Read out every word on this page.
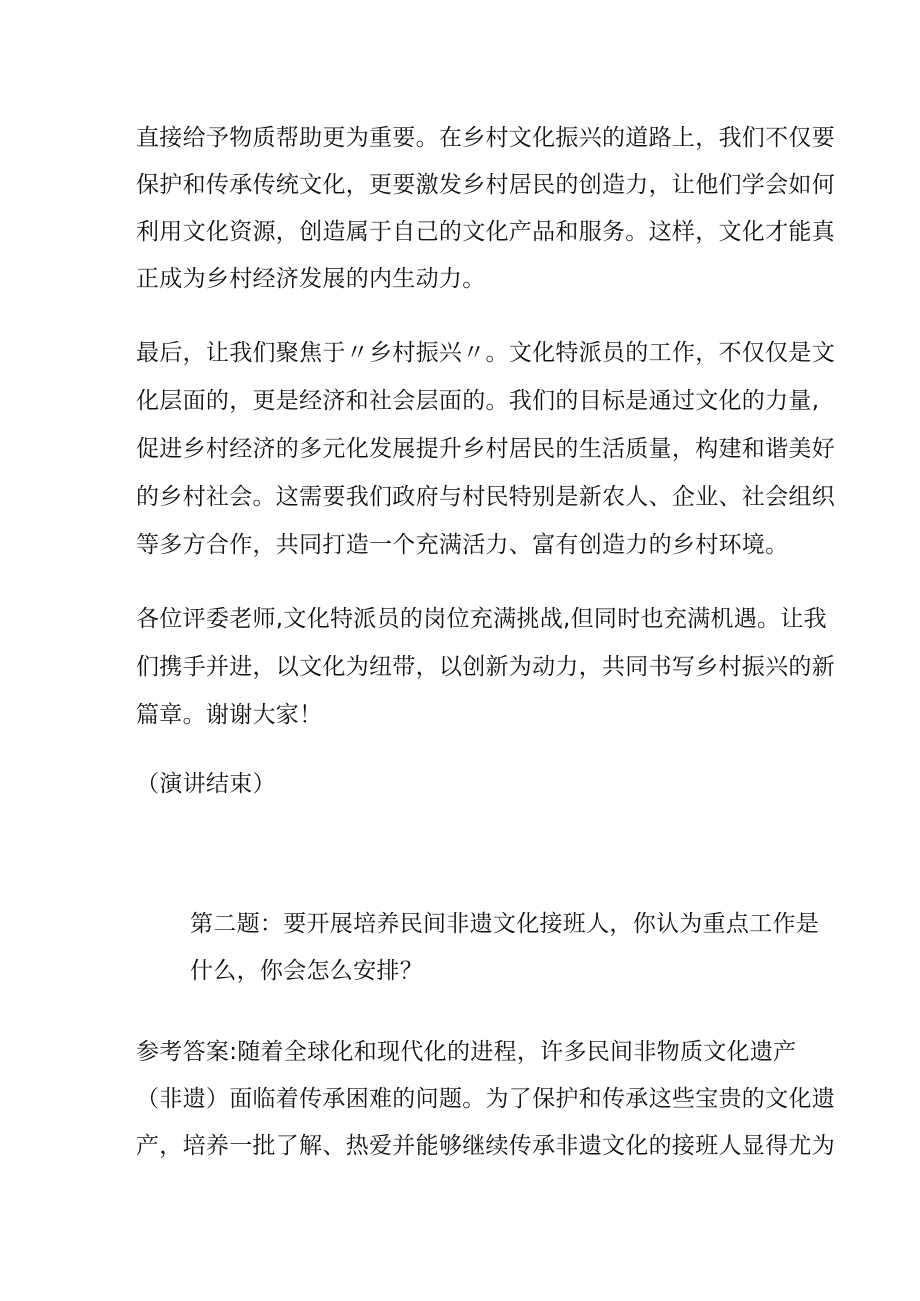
直接给予物质帮助更为重要。在乡村文化振兴的道路上，我们不仅要
保护和传承传统文化，更要激发乡村居民的创造力，让他们学会如何
利用文化资源，创造属于自己的文化产品和服务。这样，文化才能真
正成为乡村经济发展的内生动力。
最后，让我们聚焦于〃乡村振兴〃。文化特派员的工作，不仅仅是文
化层面的，更是经济和社会层面的。我们的目标是通过文化的力量,
促进乡村经济的多元化发展提升乡村居民的生活质量，构建和谐美好
的乡村社会。这需要我们政府与村民特别是新农人、企业、社会组织
等多方合作，共同打造一个充满活力、富有创造力的乡村环境。
各位评委老师,文化特派员的岗位充满挑战,但同时也充满机遇。让我
们携手并进，以文化为纽带，以创新为动力，共同书写乡村振兴的新
篇章。谢谢大家！
（演讲结束）
第二题：要开展培养民间非遗文化接班人，你认为重点工作是
什么，你会怎么安排？
参考答案:随着全球化和现代化的进程，许多民间非物质文化遗产
（非遗）面临着传承困难的问题。为了保护和传承这些宝贵的文化遗
产，培养一批了解、热爱并能够继续传承非遗文化的接班人显得尤为
